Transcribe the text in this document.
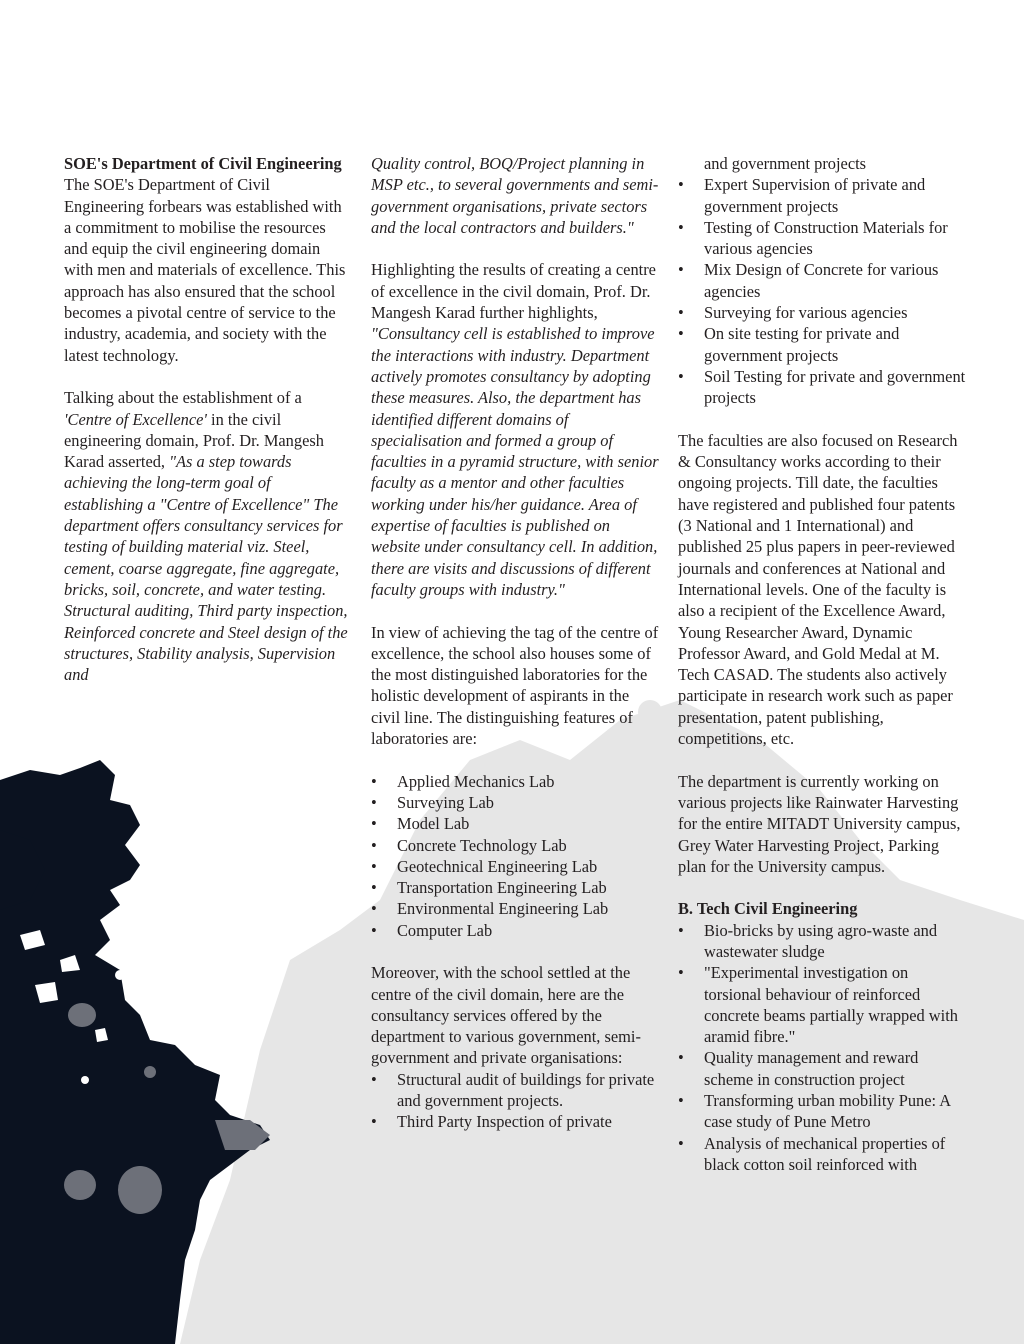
SOE's Department of Civil Engineering

The SOE's Department of Civil Engineering forbears was established with a commitment to mobilise the resources and equip the civil engineering domain with men and materials of excellence. This approach has also ensured that the school becomes a pivotal centre of service to the industry, academia, and society with the latest technology.

Talking about the establishment of a 'Centre of Excellence' in the civil engineering domain, Prof. Dr. Mangesh Karad asserted, "As a step towards achieving the long-term goal of establishing a "Centre of Excellence" The department offers consultancy services for testing of building material viz. Steel, cement, coarse aggregate, fine aggregate, bricks, soil, concrete, and water testing. Structural auditing, Third party inspection, Reinforced concrete and Steel design of the structures, Stability analysis, Supervision and

Quality control, BOQ/Project planning in MSP etc., to several governments and semi-government organisations, private sectors and the local contractors and builders."

Highlighting the results of creating a centre of excellence in the civil domain, Prof. Dr. Mangesh Karad further highlights, "Consultancy cell is established to improve the interactions with industry. Department actively promotes consultancy by adopting these measures. Also, the department has identified different domains of specialisation and formed a group of faculties in a pyramid structure, with senior faculty as a mentor and other faculties working under his/her guidance. Area of expertise of faculties is published on website under consultancy cell. In addition, there are visits and discussions of different faculty groups with industry."

In view of achieving the tag of the centre of excellence, the school also houses some of the most distinguished laboratories for the holistic development of aspirants in the civil line. The distinguishing features of laboratories are:

• Applied Mechanics Lab
• Surveying Lab
• Model Lab
• Concrete Technology Lab
• Geotechnical Engineering Lab
• Transportation Engineering Lab
• Environmental Engineering Lab
• Computer Lab

Moreover, with the school settled at the centre of the civil domain, here are the consultancy services offered by the department to various government, semi-government and private organisations:

• Structural audit of buildings for private and government projects.
• Third Party Inspection of private
and government projects
• Expert Supervision of private and government projects
• Testing of Construction Materials for various agencies
• Mix Design of Concrete for various agencies
• Surveying for various agencies
• On site testing for private and government projects
• Soil Testing for private and government projects

The faculties are also focused on Research & Consultancy works according to their ongoing projects. Till date, the faculties have registered and published four patents (3 National and 1 International) and published 25 plus papers in peer-reviewed journals and conferences at National and International levels. One of the faculty is also a recipient of the Excellence Award, Young Researcher Award, Dynamic Professor Award, and Gold Medal at M. Tech CASAD. The students also actively participate in research work such as paper presentation, patent publishing, competitions, etc.

The department is currently working on various projects like Rainwater Harvesting for the entire MITADT University campus, Grey Water Harvesting Project, Parking plan for the University campus.

B. Tech Civil Engineering

• Bio-bricks by using agro-waste and wastewater sludge
• "Experimental investigation on torsional behaviour of reinforced concrete beams partially wrapped with aramid fibre."
• Quality management and reward scheme in construction project
• Transforming urban mobility Pune: A case study of Pune Metro
• Analysis of mechanical properties of black cotton soil reinforced with
